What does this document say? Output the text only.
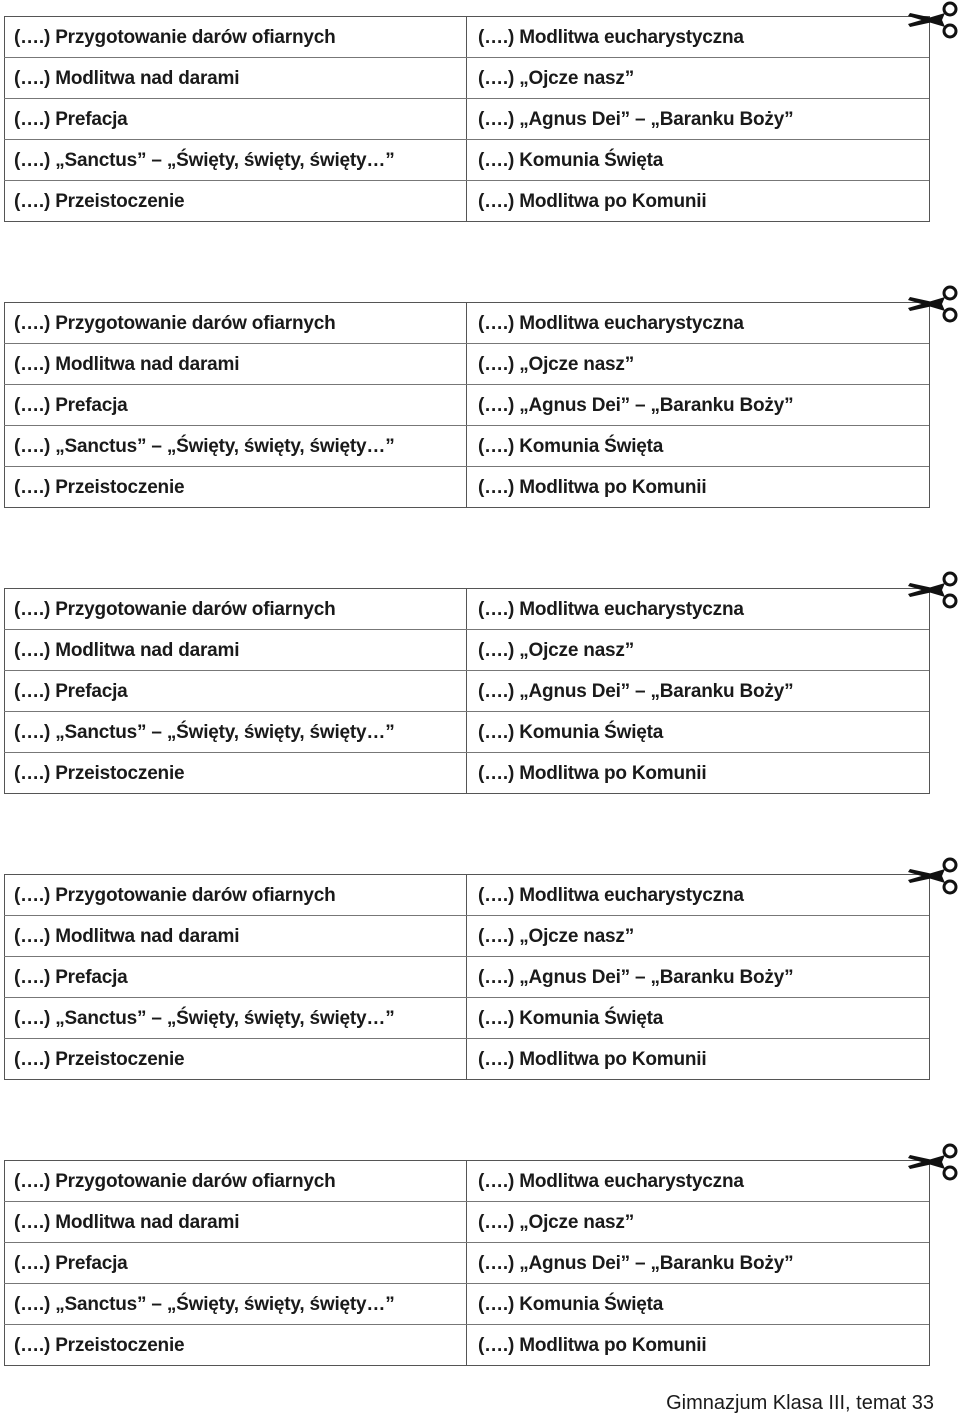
(….) Przygotowanie darów ofiarnych
(….) Modlitwa nad darami
(….) Prefacja
(….) „Sanctus” – „Święty, święty, święty…”
(….) Przeistoczenie
(….) Modlitwa eucharystyczna
(….) „Ojcze nasz”
(….) „Agnus Dei” – „Baranku Boży”
(….) Komunia Święta
(….) Modlitwa po Komunii
(….) Przygotowanie darów ofiarnych
(….) Modlitwa nad darami
(….) Prefacja
(….) „Sanctus” – „Święty, święty, święty…”
(….) Przeistoczenie
(….) Modlitwa eucharystyczna
(….) „Ojcze nasz”
(….) „Agnus Dei” – „Baranku Boży”
(….) Komunia Święta
(….) Modlitwa po Komunii
(….) Przygotowanie darów ofiarnych
(….) Modlitwa nad darami
(….) Prefacja
(….) „Sanctus” – „Święty, święty, święty…”
(….) Przeistoczenie
(….) Modlitwa eucharystyczna
(….) „Ojcze nasz”
(….) „Agnus Dei” – „Baranku Boży”
(….) Komunia Święta
(….) Modlitwa po Komunii
(….) Przygotowanie darów ofiarnych
(….) Modlitwa nad darami
(….) Prefacja
(….) „Sanctus” – „Święty, święty, święty…”
(….) Przeistoczenie
(….) Modlitwa eucharystyczna
(….) „Ojcze nasz”
(….) „Agnus Dei” – „Baranku Boży”
(….) Komunia Święta
(….) Modlitwa po Komunii
(….) Przygotowanie darów ofiarnych
(….) Modlitwa nad darami
(….) Prefacja
(….) „Sanctus” – „Święty, święty, święty…”
(….) Przeistoczenie
(….) Modlitwa eucharystyczna
(….) „Ojcze nasz”
(….) „Agnus Dei” – „Baranku Boży”
(….) Komunia Święta
(….) Modlitwa po Komunii
Gimnazjum Klasa III, temat 33
